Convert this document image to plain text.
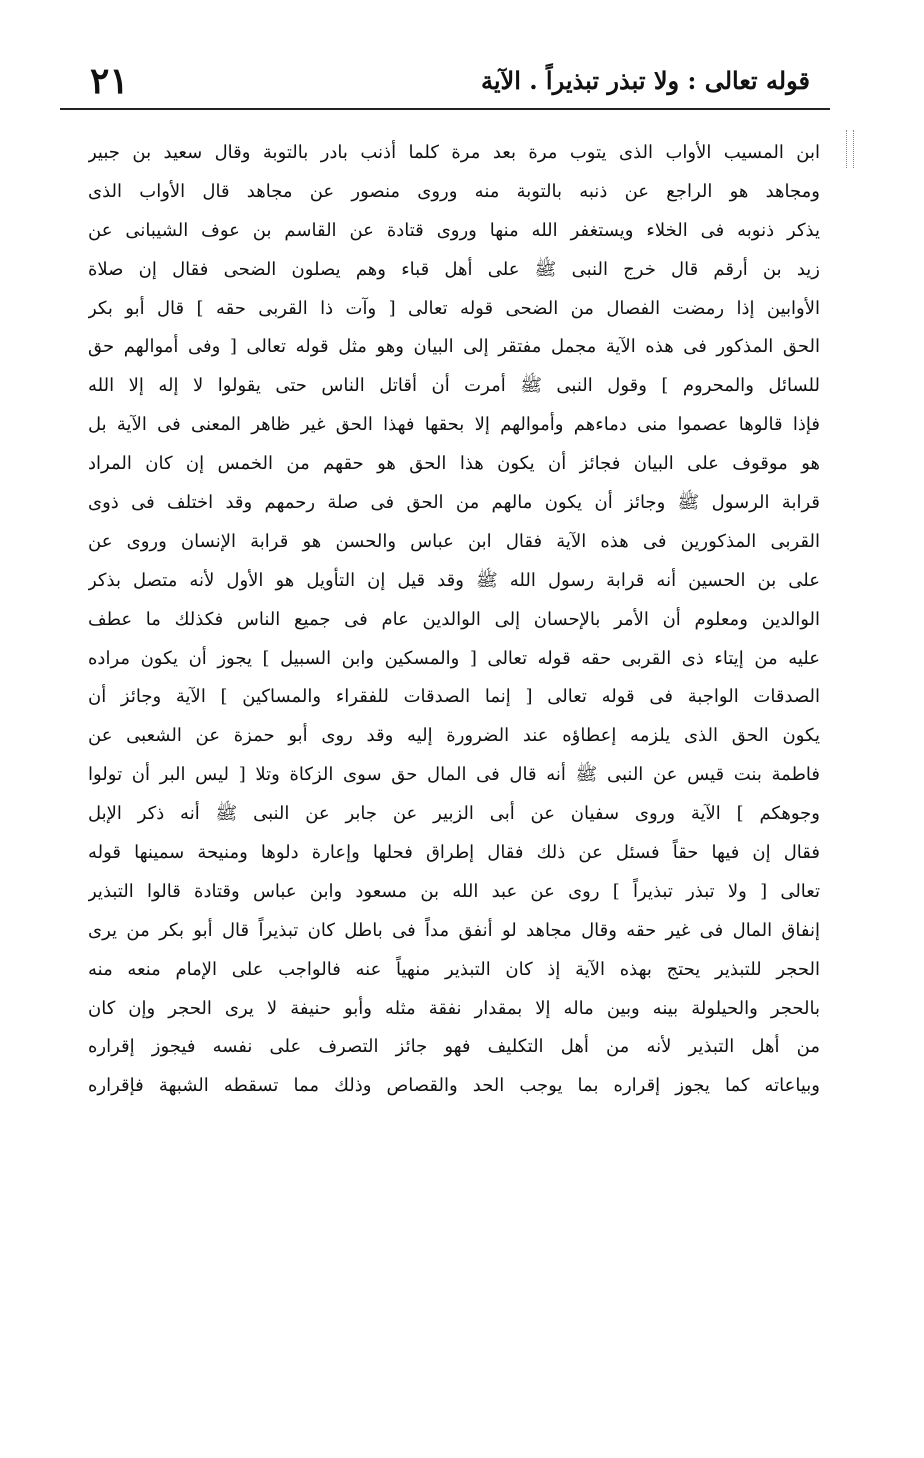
٢١	قوله تعالى : ولا تبذر تبذيراً . الآية
ابن المسيب الأواب الذى يتوب مرة بعد مرة كلما أذنب بادر بالتوبة وقال سعيد بن جبير
ومجاهد هو الراجع عن ذنبه بالتوبة منه وروى منصور عن مجاهد قال الأواب الذى
يذكر ذنوبه فى الخلاء ويستغفر الله منها وروى قتادة عن القاسم بن عوف الشيبانى عن
زيد بن أرقم قال خرج النبى ﷺ على أهل قباء وهم يصلون الضحى فقال إن صلاة
الأوابين إذا رمضت الفصال من الضحى قوله تعالى [ وآت ذا القربى حقه ] قال أبو بكر
الحق المذكور فى هذه الآية مجمل مفتقر إلى البيان وهو مثل قوله تعالى [ وفى أموالهم حق
للسائل والمحروم ] وقول النبى ﷺ أمرت أن أقاتل الناس حتى يقولوا لا إله إلا الله
فإذا قالوها عصموا منى دماءهم وأموالهم إلا بحقها فهذا الحق غير ظاهر المعنى فى الآية بل
هو موقوف على البيان فجائز أن يكون هذا الحق هو حقهم من الخمس إن كان المراد
قرابة الرسول ﷺ وجائز أن يكون مالهم من الحق فى صلة رحمهم وقد اختلف فى ذوى
القربى المذكورين فى هذه الآية فقال ابن عباس والحسن هو قرابة الإنسان وروى عن
على بن الحسين أنه قرابة رسول الله ﷺ وقد قيل إن التأويل هو الأول لأنه متصل بذكر
الوالدين ومعلوم أن الأمر بالإحسان إلى الوالدين عام فى جميع الناس فكذلك ما عطف
عليه من إيتاء ذى القربى حقه قوله تعالى [ والمسكين وابن السبيل ] يجوز أن يكون مراده
الصدقات الواجبة فى قوله تعالى [ إنما الصدقات للفقراء والمساكين ] الآية وجائز أن
يكون الحق الذى يلزمه إعطاؤه عند الضرورة إليه وقد روى أبو حمزة عن الشعبى عن
فاطمة بنت قيس عن النبى ﷺ أنه قال فى المال حق سوى الزكاة وتلا [ ليس البر أن تولوا
وجوهكم ] الآية وروى سفيان عن أبى الزبير عن جابر عن النبى ﷺ أنه ذكر الإبل
فقال إن فيها حقاً فسئل عن ذلك فقال إطراق فحلها وإعارة دلوها ومنيحة سمينها قوله
تعالى [ ولا تبذر تبذيراً ] روى عن عبد الله بن مسعود وابن عباس وقتادة قالوا التبذير
إنفاق المال فى غير حقه وقال مجاهد لو أنفق مداً فى باطل كان تبذيراً قال أبو بكر من يرى
الحجر للتبذير يحتج بهذه الآية إذ كان التبذير منهياً عنه فالواجب على الإمام منعه منه
بالحجر والحيلولة بينه وبين ماله إلا بمقدار نفقة مثله وأبو حنيفة لا يرى الحجر وإن كان
من أهل التبذير لأنه من أهل التكليف فهو جائز التصرف على نفسه فيجوز إقراره
وبياعاته كما يجوز إقراره بما يوجب الحد والقصاص وذلك مما تسقطه الشبهة فإقراره
